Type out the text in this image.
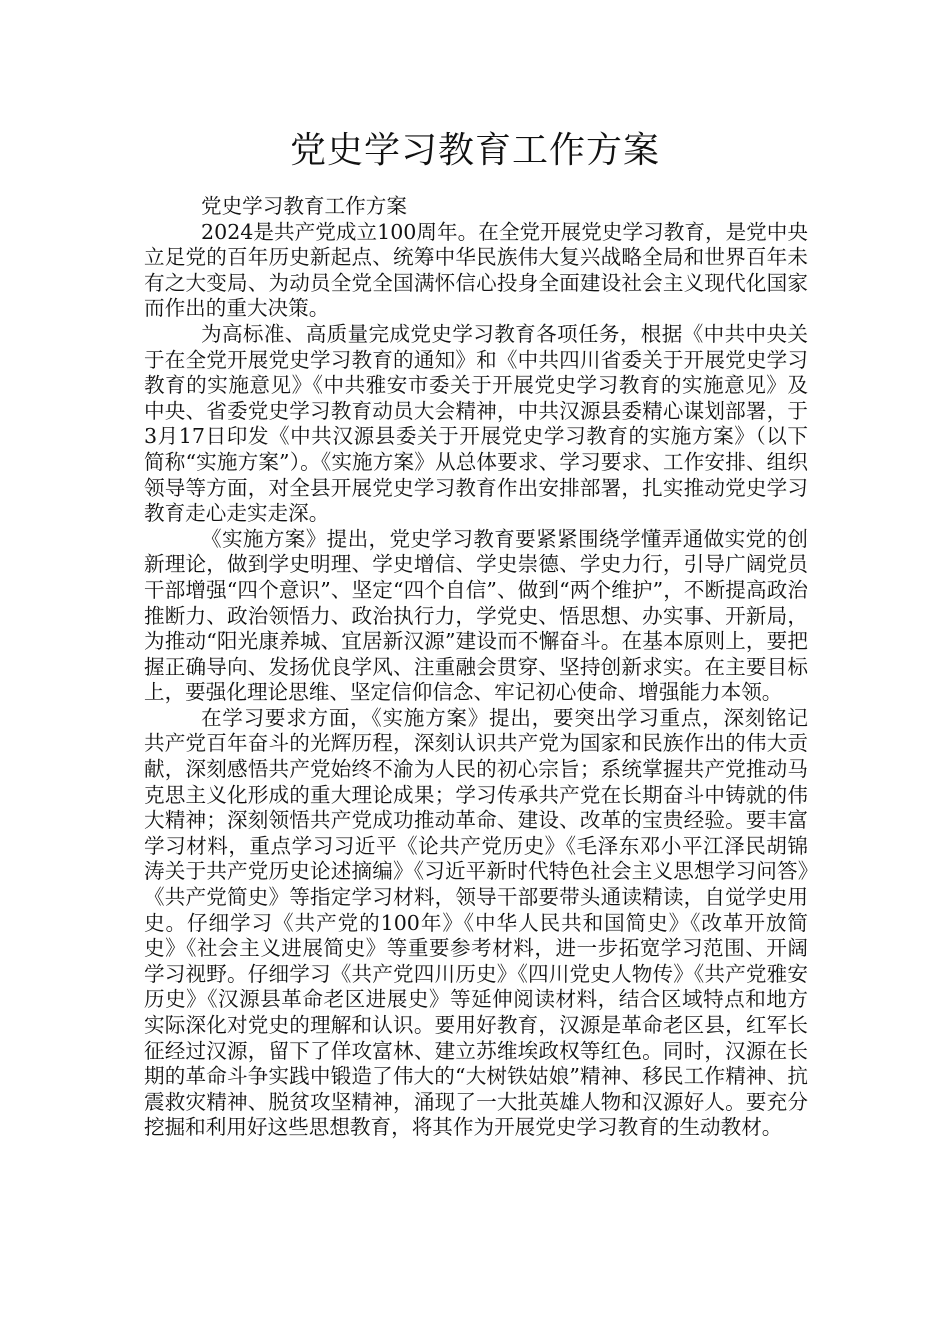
党史学习教育工作方案

党史学习教育工作方案

2024是共产党成立100周年。在全党开展党史学习教育，是党中央立足党的百年历史新起点、统筹中华民族伟大复兴战略全局和世界百年未有之大变局、为动员全党全国满怀信心投身全面建设社会主义现代化国家而作出的重大决策。

为高标准、高质量完成党史学习教育各项任务，根据《中共中央关于在全党开展党史学习教育的通知》和《中共四川省委关于开展党史学习教育的实施意见》《中共雅安市委关于开展党史学习教育的实施意见》及中央、省委党史学习教育动员大会精神，中共汉源县委精心谋划部署，于3月17日印发《中共汉源县委关于开展党史学习教育的实施方案》（以下简称“实施方案”）。《实施方案》从总体要求、学习要求、工作安排、组织领导等方面，对全县开展党史学习教育作出安排部署，扎实推动党史学习教育走心走实走深。

《实施方案》提出，党史学习教育要紧紧围绕学懂弄通做实党的创新理论，做到学史明理、学史增信、学史崇德、学史力行，引导广阔党员干部增强“四个意识”、坚定“四个自信”、做到“两个维护”，不断提高政治推断力、政治领悟力、政治执行力，学党史、悟思想、办实事、开新局，为推动“阳光康养城、宜居新汉源”建设而不懈奋斗。在基本原则上，要把握正确导向、发扬优良学风、注重融会贯穿、坚持创新求实。在主要目标上，要强化理论思维、坚定信仰信念、牢记初心使命、增强能力本领。

在学习要求方面，《实施方案》提出，要突出学习重点，深刻铭记共产党百年奋斗的光辉历程，深刻认识共产党为国家和民族作出的伟大贡献，深刻感悟共产党始终不渝为人民的初心宗旨；系统掌握共产党推动马克思主义化形成的重大理论成果；学习传承共产党在长期奋斗中铸就的伟大精神；深刻领悟共产党成功推动革命、建设、改革的宝贵经验。要丰富学习材料，重点学习习近平《论共产党历史》《毛泽东邓小平江泽民胡锦涛关于共产党历史论述摘编》《习近平新时代特色社会主义思想学习问答》《共产党简史》等指定学习材料，领导干部要带头通读精读，自觉学史用史。仔细学习《共产党的100年》《中华人民共和国简史》《改革开放简史》《社会主义进展简史》等重要参考材料，进一步拓宽学习范围、开阔学习视野。仔细学习《共产党四川历史》《四川党史人物传》《共产党雅安历史》《汉源县革命老区进展史》等延伸阅读材料，结合区域特点和地方实际深化对党史的理解和认识。要用好教育，汉源是革命老区县，红军长征经过汉源，留下了佯攻富林、建立苏维埃政权等红色。同时，汉源在长期的革命斗争实践中锻造了伟大的“大树铁姑娘”精神、移民工作精神、抗震救灾精神、脱贫攻坚精神，涌现了一大批英雄人物和汉源好人。要充分挖掘和利用好这些思想教育，将其作为开展党史学习教育的生动教材。
